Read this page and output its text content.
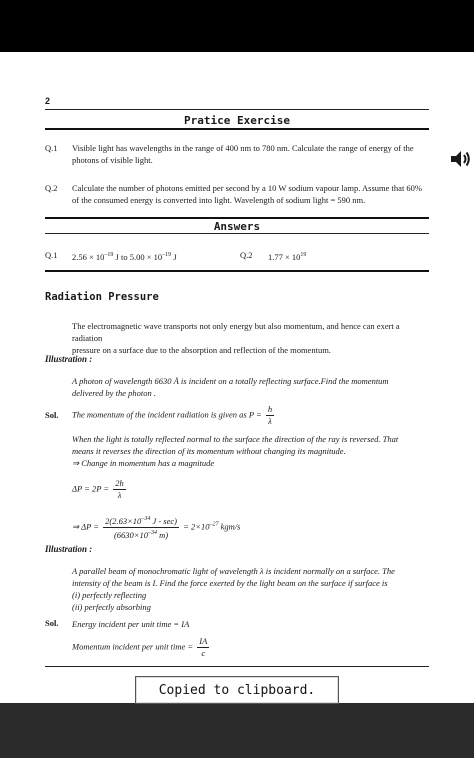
2
Pratice Exercise
Q.1 Visible light has wavelengths in the range of 400 nm to 780 nm. Calculate the range of energy of the
photons of visible light.
Q.2 Calculate the number of photons emitted per second by a 10 W sodium vapour lamp. Assume that 60%
of the consumed energy is converted into light. Wavelength of sodium light = 590 nm.
Answers
Q.1 $2.56 \times 10^{-19}$ J to $5.00 \times 10^{-19}$ J	Q.2 $1.77 \times 10^{19}$
Radiation Pressure
The electromagnetic wave transports not only energy but also momentum, and hence can exert a radiation
pressure on a surface due to the absorption and reflection of the momentum.
Illustration :
A photon of wavelength 6630 Å is incident on a totally reflecting surface.Find the momentum
delivered by the photon .
Sol. The momentum of the incident radiation is given as $P = \frac{h}{\lambda}$
When the light is totally reflected normal to the surface the direction of the ray is reversed. That
means it reverses the direction of its momentum without changing its magnitude.
⇒ Change in momentum has a magnitude
$\Delta P = 2P = \frac{2h}{\lambda}$
⇒ $\Delta P = \frac{2(2.63\times 10^{-34} J - \sec)}{(6630\times 10^{-34} m)} = 2\times 10^{-27}$ kgm/s
Illustration :
A parallel beam of monochromatic light of wavelength λ is incident normally on a surface. The
intensity of the beam is I. Find the force exerted by the light beam on the surface if surface is
(i) perfectly reflecting
(ii) perfectly absorbing
Sol. Energy incident per unit time = IA
Momentum incident per unit time = $\frac{IA}{c}$
Copied to clipboard.
